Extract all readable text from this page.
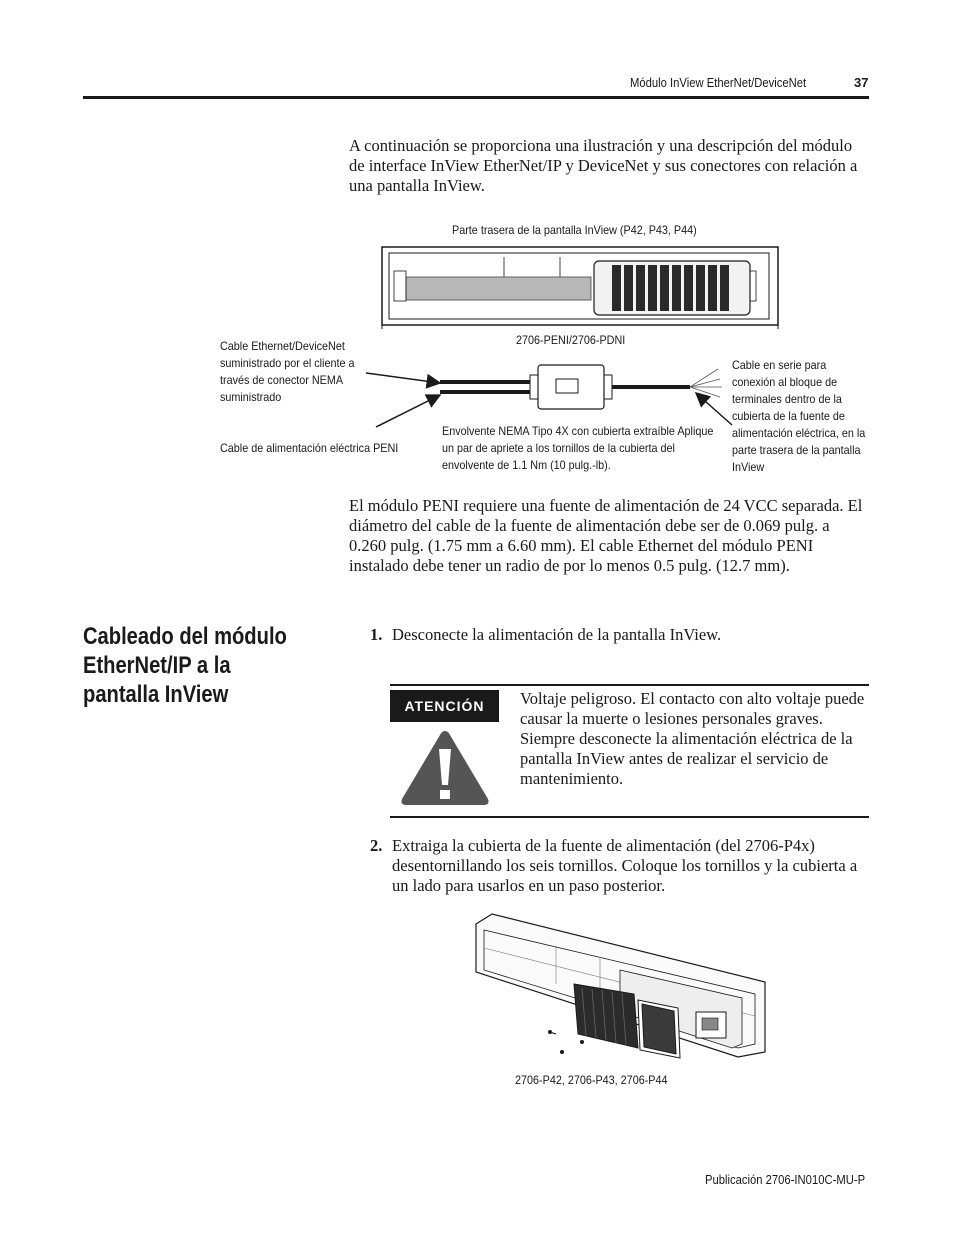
Módulo InView EtherNet/DeviceNet	37
A continuación se proporciona una ilustración y una descripción del módulo de interface InView EtherNet/IP y DeviceNet y sus conectores con relación a una pantalla InView.
Parte trasera de la pantalla InView (P42, P43, P44)
2706-PENI/2706-PDNI
Cable Ethernet/DeviceNet suministrado por el cliente a través de conector NEMA suministrado
Cable de alimentación eléctrica PENI
Envolvente NEMA Tipo 4X con cubierta extraíble Aplique un par de apriete a los tornillos de la cubierta del envolvente de 1.1 Nm (10 pulg.-lb).
Cable en serie para conexión al bloque de terminales dentro de la cubierta de la fuente de alimentación eléctrica, en la parte trasera de la pantalla InView
El módulo PENI requiere una fuente de alimentación de 24 VCC separada. El diámetro del cable de la fuente de alimentación debe ser de 0.069 pulg. a 0.260 pulg. (1.75 mm a 6.60 mm). El cable Ethernet del módulo PENI instalado debe tener un radio de por lo menos 0.5 pulg. (12.7 mm).
Cableado del módulo EtherNet/IP a la pantalla InView
1. Desconecte la alimentación de la pantalla InView.
ATENCIÓN	Voltaje peligroso. El contacto con alto voltaje puede causar la muerte o lesiones personales graves. Siempre desconecte la alimentación eléctrica de la pantalla InView antes de realizar el servicio de mantenimiento.
2. Extraiga la cubierta de la fuente de alimentación (del 2706-P4x) desentornillando los seis tornillos. Coloque los tornillos y la cubierta a un lado para usarlos en un paso posterior.
2706-P42, 2706-P43, 2706-P44
Publicación 2706-IN010C-MU-P
